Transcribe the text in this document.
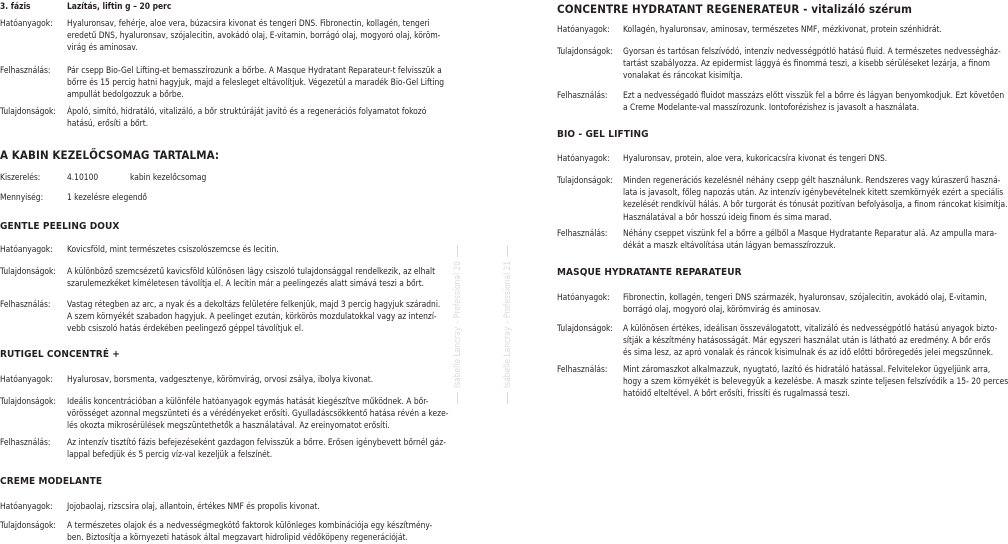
3. fázis	Lazítás, liftin g – 20 perc
Hatóanyagok: Hyaluronsav, fehérje, aloe vera, búzacsira kivonat és tengeri DNS. Fibronectin, kollagén, tengeri
eredetű DNS, hyaluronsav, szójalecitin, avokádó olaj, E-vitamin, borrágó olaj, mogyoró olaj, köröm-
virág és aminosav.
Felhasználás: Pár csepp Bio-Gel Lifting-et bemasszírozunk a bőrbe. A Masque Hydratant Reparateur-t felvisszük a
bőrre és 15 percig hatni hagyjuk, majd a felesleget eltávolítjuk. Végezetül a maradék Bio-Gel Lifting
ampullát bedolgozzuk a bőrbe.
Tulajdonságok: Ápoló, simító, hidratáló, vitalizáló, a bőr struktúráját javító és a regenerációs folyamatot fokozó
hatású, erősíti a bőrt.
A KABIN KEZELŐCSOMAG TARTALMA:
Kiszerelés:	4.10100	kabin kezelőcsomag
Mennyiség:	1 kezelésre elegendő
GENTLE PEELING DOUX
Hatóanyagok: Kovicsföld, mint természetes csiszolószemcse és lecitin.
Tulajdonságok: A különböző szemcsézetű kavicsföld különösen lágy csiszoló tulajdonsággal rendelkezik, az elhalt
szarulemezkéket kíméletesen távolítja el. A lecitin már a peelingezés alatt simává teszi a bőrt.
Felhasználás: Vastag rétegben az arc, a nyak és a dekoltázs felületére felkenjük, majd 3 percig hagyjuk száradni.
A szem környékét szabadon hagyjuk. A peelinget ezután, körkörös mozdulatokkal vagy az intenzí-
vebb csiszoló hatás érdekében peelingező géppel távolítjuk el.
RUTIGEL CONCENTRÉ +
Hatóanyagok: Hyalurosav, borsmenta, vadgesztenye, körömvirág, orvosi zsálya, ibolya kivonat.
Tulajdonságok: Ideális koncentrációban a különféle hatóanyagok egymás hatását kiegészítve működnek. A bőr-
vörösséget azonnal megszünteti és a vérédényeket erősíti. Gyulladáscsökkentő hatása révén a keze-
lés okozta mikrosérülések megszüntethetők a használatával. Az ereinyomatot erősíti.
Felhasználás: Az intenzív tisztító fázis befejezéseként gazdagon felvisszük a bőrre. Erősen igénybevett bőrnél gáz-
lappal befedjük és 5 percig víz-val kezeljük a felszínét.
CREME MODELANTE
Hatóanyagok: Jojobaolaj, rizscsira olaj, allantoin, értékes NMF és propolis kivonat.
Tulajdonságok: A természetes olajok és a nedvességmegkötő faktorok különleges kombinációja egy készítmény-
ben. Biztosítja a környezeti hatások által megzavart hidrolipid védőköpeny regenerációját.
Isabelle Lancray – Professional 20	Isabelle Lancray – Professional 21
CONCENTRE HYDRATANT REGENERATEUR - vitalizáló szérum
Hatóanyagok: Kollagén, hyaluronsav, aminosav, természetes NMF, mézkivonat, protein szénhidrát.
Tulajdonságok: Gyorsan és tartósan felszívódó, intenzív nedvességpótló hatású fluid. A természetes nedvességház-
tartást szabályozza. Az epidermist lággyá és finommá teszi, a kisebb sérüléseket lezárja, a finom
vonalakat és ráncokat kisimítja.
Felhasználás: Ezt a nedvességadó fluidot masszázs előtt visszük fel a bőrre és lágyan benyomkodjuk. Ezt követően
a Creme Modelante-val masszírozunk. Iontoforézishez is javasolt a használata.
BIO - GEL LIFTING
Hatóanyagok: Hyaluronsav, protein, aloe vera, kukoricacsíra kivonat és tengeri DNS.
Tulajdonságok: Minden regenerációs kezelésnél néhány csepp gélt használunk. Rendszeres vagy kúraszerű haszná-
lata is javasolt, főleg napozás után. Az intenzív igénybevételnek kitett szemkörnyék ezért a speciális
kezelését rendkívül hálás. A bőr turgorát és tónusát pozitívan befolyásolja, a finom ráncokat kisimítja.
Használatával a bőr hosszú ideig finom és sima marad.
Felhasználás: Néhány cseppet viszünk fel a bőrre a gélből a Masque Hydratante Reparatur alá. Az ampulla mara-
dékát a maszk eltávolítása után lágyan bemasszírozzuk.
MASQUE HYDRATANTE REPARATEUR
Hatóanyagok: Fibronectin, kollagén, tengeri DNS származék, hyaluronsav, szójalecitin, avokádó olaj, E-vitamin,
borrágó olaj, mogyoró olaj, körömvirág és aminosav.
Tulajdonságok: A különösen értékes, ideálisan összeválogatott, vitalizáló és nedvességpótló hatású anyagok bizto-
sítják a készítmény hatásosságát. Már egyszeri használat után is látható az eredmény. A bőr erős
és sima lesz, az apró vonalak és ráncok kisimulnak és az idő előtti bőröregedés jelei megszűnnek.
Felhasználás: Mint záromaszkot alkalmazzuk, nyugtató, lazító és hidratáló hatással. Felvitelekor ügyeljünk arra,
hogy a szem környékét is belevegyük a kezelésbe. A maszk szinte teljesen felszívódik a 15- 20 perces
hatóidő elteltével. A bőrt erősíti, frissíti és rugalmassá teszi.
